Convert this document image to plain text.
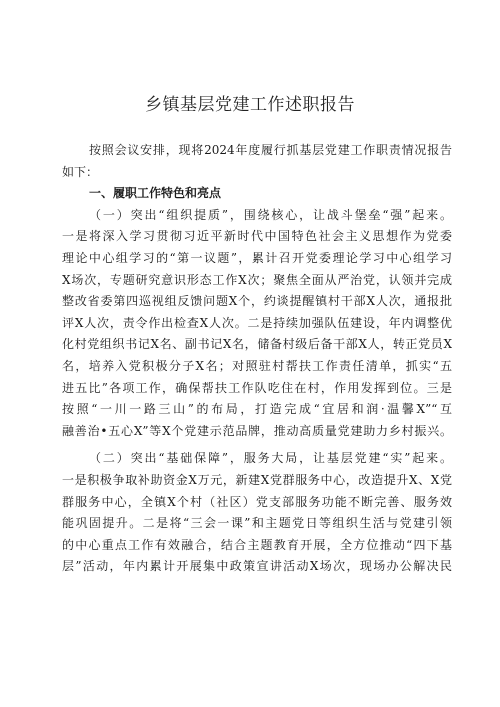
乡镇基层党建工作述职报告
按照会议安排，现将2024年度履行抓基层党建工作职责情况报告
如下：
一、履职工作特色和亮点
（一）突出“组织提质”，围绕核心，让战斗堡垒“强”起来。
一是将深入学习贯彻习近平新时代中国特色社会主义思想作为党委
理论中心组学习的“第一议题”，累计召开党委理论学习中心组学习
X场次，专题研究意识形态工作X次；聚焦全面从严治党，认领并完成
整改省委第四巡视组反馈问题X个，约谈提醒镇村干部X人次，通报批
评X人次，责令作出检查X人次。二是持续加强队伍建设，年内调整优
化村党组织书记X名、副书记X名，储备村级后备干部X人，转正党员X
名，培养入党积极分子X名；对照驻村帮扶工作责任清单，抓实“五
进五比”各项工作，确保帮扶工作队吃住在村，作用发挥到位。三是
按照“一川一路三山”的布局，打造完成“宜居和润·温馨X”“互
融善治•五心X”等X个党建示范品牌，推动高质量党建助力乡村振兴。
（二）突出“基础保障”，服务大局，让基层党建“实”起来。
一是积极争取补助资金X万元，新建X党群服务中心，改造提升X、X党
群服务中心，全镇X个村（社区）党支部服务功能不断完善、服务效
能巩固提升。二是将“三会一课”和主题党日等组织生活与党建引领
的中心重点工作有效融合，结合主题教育开展，全方位推动“四下基
层”活动，年内累计开展集中政策宣讲活动X场次，现场办公解决民
